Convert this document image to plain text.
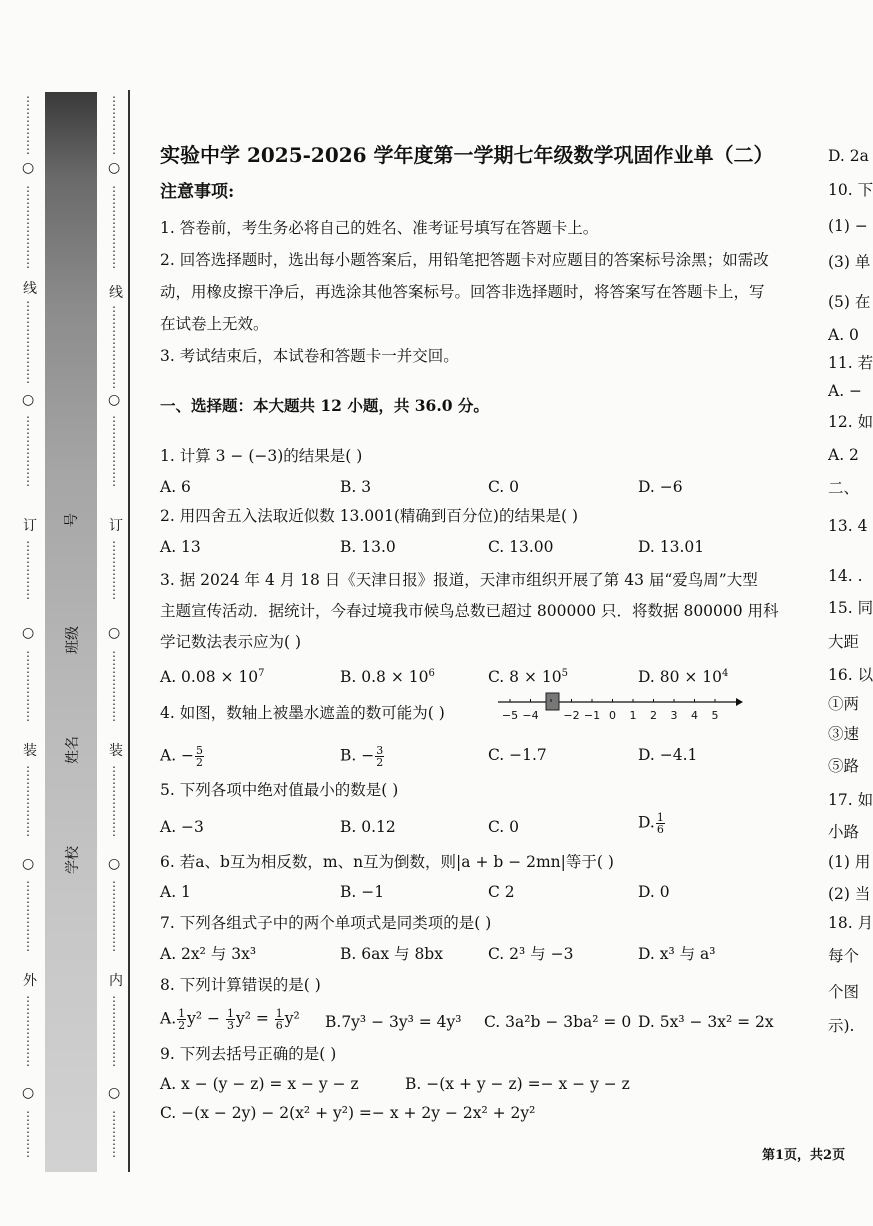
⋮
⋮
⋮
⋮
⋮
○
⋮
⋮
⋮
⋮
⋮
⋮
⋮
线
⋮
⋮
⋮
⋮
⋮
⋮
⋮
○
⋮
⋮
⋮
⋮
⋮
⋮
订
⋮
⋮
⋮
⋮
⋮
○
⋮
⋮
⋮
⋮
⋮
⋮
装
⋮
⋮
⋮
⋮
⋮
⋮
○
⋮
⋮
⋮
⋮
⋮
⋮
外
⋮
⋮
⋮
⋮
⋮
⋮
○
⋮
⋮
⋮
⋮
号
班级
姓名
学校
⋮
⋮
⋮
⋮
⋮
○
⋮
⋮
⋮
⋮
⋮
⋮
⋮
线
⋮
⋮
⋮
⋮
⋮
⋮
⋮
○
⋮
⋮
⋮
⋮
⋮
⋮
订
⋮
⋮
⋮
⋮
⋮
○
⋮
⋮
⋮
⋮
⋮
⋮
装
⋮
⋮
⋮
⋮
⋮
⋮
○
⋮
⋮
⋮
⋮
⋮
⋮
内
⋮
⋮
⋮
⋮
⋮
⋮
○
⋮
⋮
⋮
⋮
实验中学 2025-2026 学年度第一学期七年级数学巩固作业单（二）
注意事项:
1. 答卷前，考生务必将自己的姓名、准考证号填写在答题卡上。
2. 回答选择题时，选出每小题答案后，用铅笔把答题卡对应题目的答案标号涂黑；如需改
动，用橡皮擦干净后，再选涂其他答案标号。回答非选择题时，将答案写在答题卡上，写
在试卷上无效。
3. 考试结束后，本试卷和答题卡一并交回。
一、选择题：本大题共 12 小题，共 36.0 分。
1. 计算 3 − (−3)的结果是( )
A. 6	B. 3	C. 0	D. −6
2. 用四舍五入法取近似数 13.001(精确到百分位)的结果是( )
A. 13	B. 13.0	C. 13.00	D. 13.01
3. 据 2024 年 4 月 18 日《天津日报》报道，天津市组织开展了第 43 届“爱鸟周”大型
主题宣传活动．据统计，今春过境我市候鸟总数已超过 800000 只．将数据 800000 用科
学记数法表示应为( )
A. $0.08 \times 10^7$	B. $0.8 \times 10^6$	C. $8 \times 10^5$	D. $80 \times 10^4$
4. 如图，数轴上被墨水遮盖的数可能为( )	−5 −4 −2 −1 0 1 2 3 4 5
A. − $\frac{5}{2}$	B. − $\frac{3}{2}$	C. −1.7	D. −4.1
5. 下列各项中绝对值最小的数是( )
A. −3	B. 0.12	C. 0	D. $\frac{1}{6}$
6. 若a、b互为相反数，m、n互为倒数，则|a + b − 2mn|等于( )
A. 1	B. −1	C 2	D. 0
7. 下列各组式子中的两个单项式是同类项的是( )
A. 2x² 与 3x³	B. 6ax 与 8bx	C. 2³ 与 −3	D. x³ 与 a³
8. 下列计算错误的是( )
A. $\frac{1}{2} y^2 - \frac{1}{3} y^2 = \frac{1}{6} y^2$ B.7y³ − 3y³ = 4y³ C. 3a²b − 3ba² = 0 D. 5x³ − 3x² = 2x
9. 下列去括号正确的是( )
A. x − (y − z) = x − y − z	B. −(x + y − z) =− x − y − z
C. −(x − 2y) − 2(x² + y²) =− x + 2y − 2x² + 2y²
D. 2a
10. 下
(1) −
(3) 单
(5) 在
A. 0
11. 若
A. −
12. 如
A. 2
二、
13. 4
14. .
15. 同
大距
16. 以
①两
③速
⑤路
17. 如
小路
(1) 用
(2) 当
18. 月
每个
个图
示).
第1页，共2页
